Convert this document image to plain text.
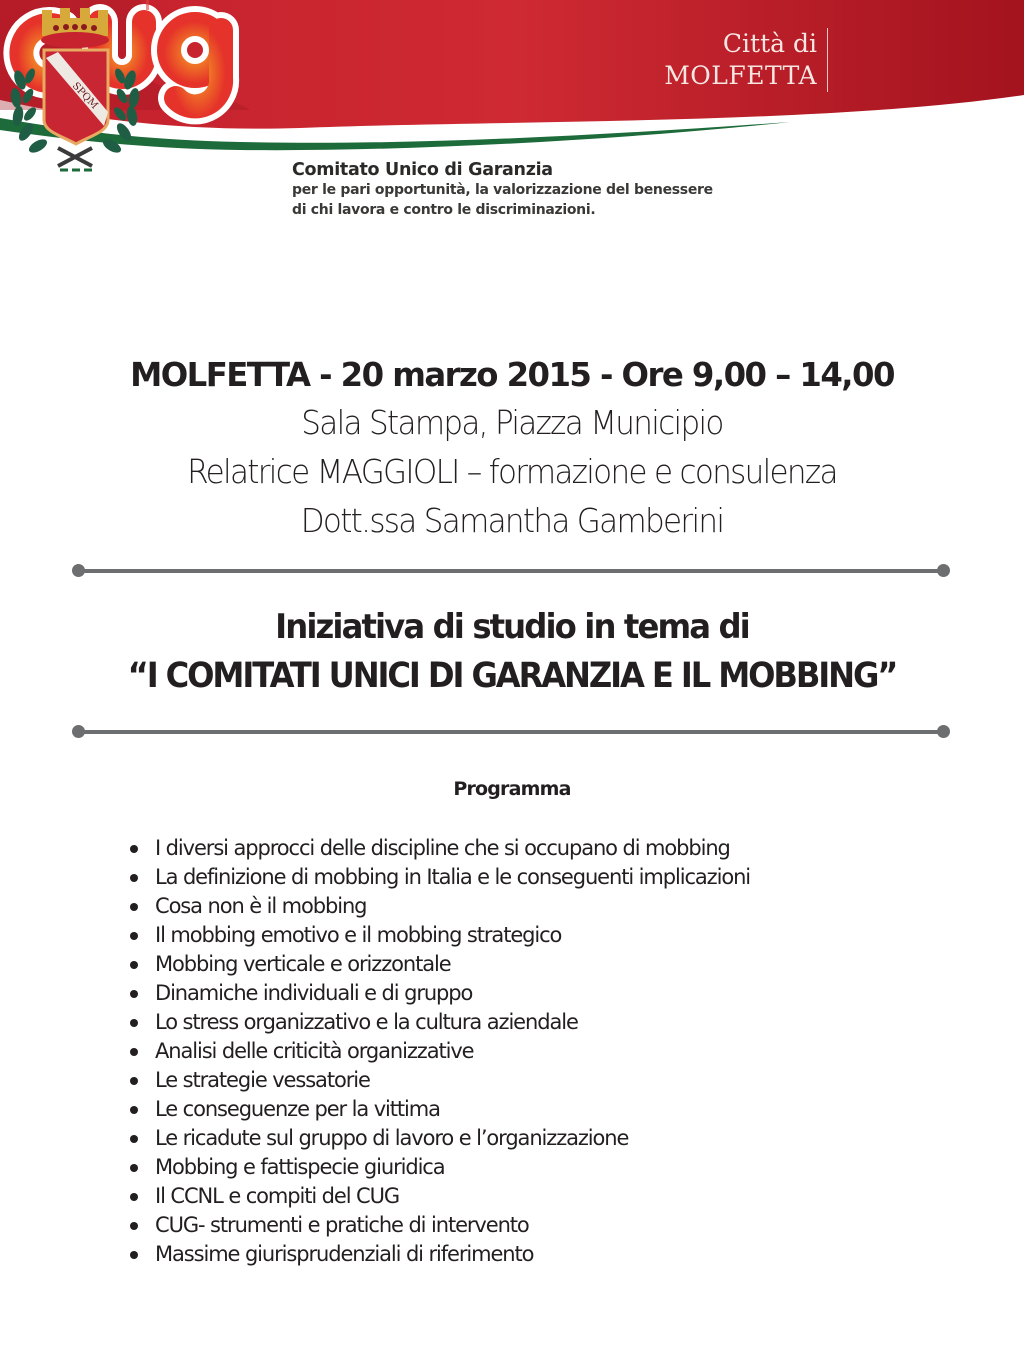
Città di
MOLFETTA
Comitato Unico di Garanzia
per le pari opportunità, la valorizzazione del benessere
di chi lavora e contro le discriminazioni.
SPQM
MOLFETTA - 20 marzo 2015 - Ore 9,00 – 14,00
Sala Stampa, Piazza Municipio
Relatrice MAGGIOLI – formazione e consulenza
Dott.ssa Samantha Gamberini
Iniziativa di studio in tema di
“I COMITATI UNICI DI GARANZIA E IL MOBBING”
Programma
I diversi approcci delle discipline che si occupano di mobbing
La definizione di mobbing in Italia e le conseguenti implicazioni
Cosa non è il mobbing
Il mobbing emotivo e il mobbing strategico
Mobbing verticale e orizzontale
Dinamiche individuali e di gruppo
Lo stress organizzativo e la cultura aziendale
Analisi delle criticità organizzative
Le strategie vessatorie
Le conseguenze per la vittima
Le ricadute sul gruppo di lavoro e l’organizzazione
Mobbing e fattispecie giuridica
Il CCNL e compiti del CUG
CUG- strumenti e pratiche di intervento
Massime giurisprudenziali di riferimento
